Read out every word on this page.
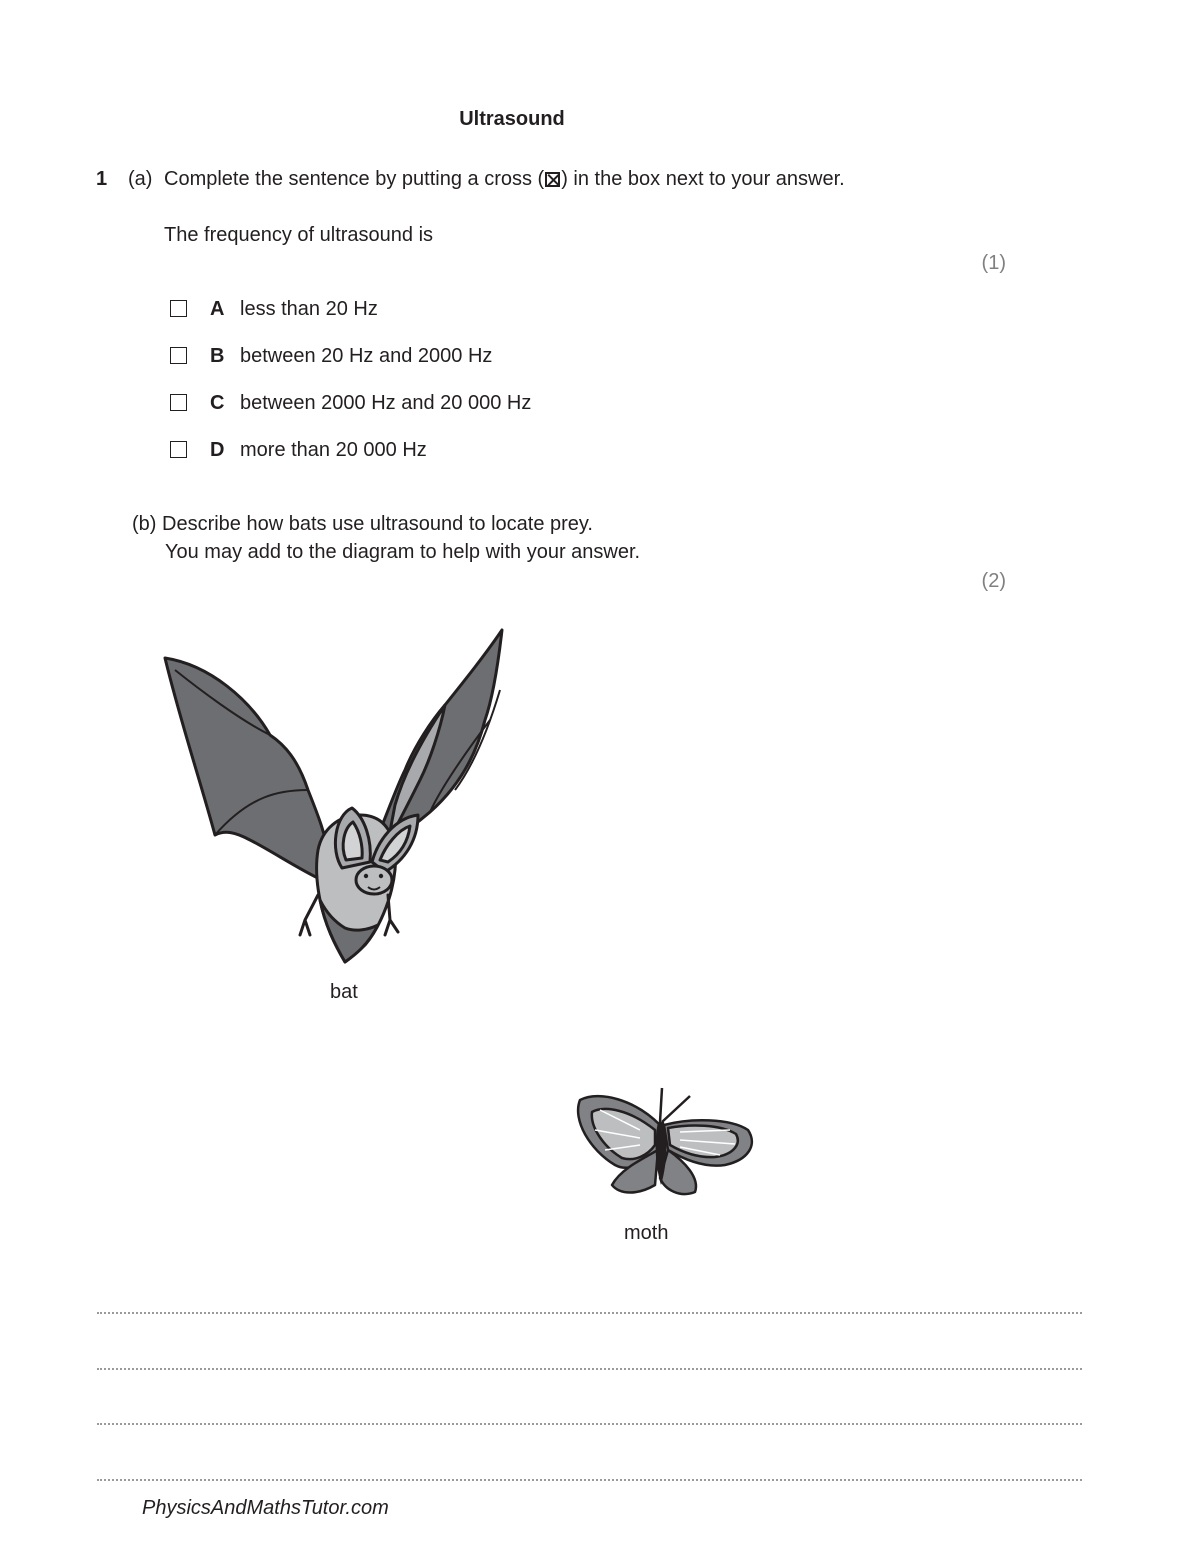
Ultrasound
1 (a) Complete the sentence by putting a cross (☒) in the box next to your answer.
The frequency of ultrasound is
(1)
A less than 20 Hz
B between 20 Hz and 2000 Hz
C between 2000 Hz and 20 000 Hz
D more than 20 000 Hz
(b) Describe how bats use ultrasound to locate prey.
You may add to the diagram to help with your answer.
(2)
bat
moth
PhysicsAndMathsTutor.com
